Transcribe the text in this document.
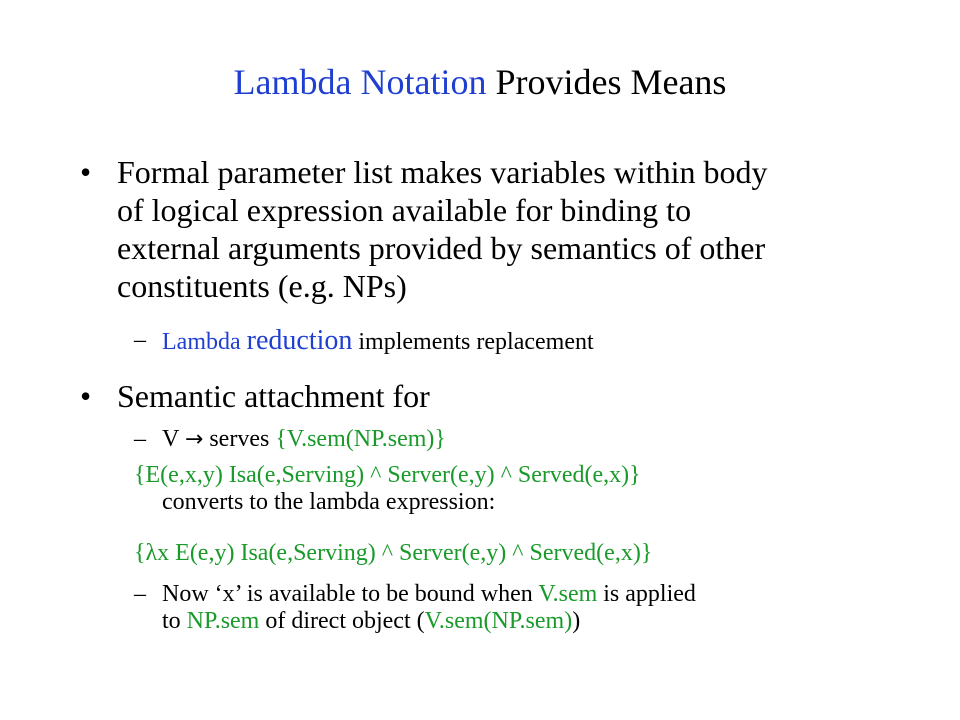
Lambda Notation Provides Means
• Formal parameter list makes variables within body
of logical expression available for binding to
external arguments provided by semantics of other
constituents (e.g. NPs)
– Lambda reduction implements replacement
• Semantic attachment for
– V → serves {V.sem(NP.sem)}
{E(e,x,y) Isa(e,Serving) ^ Server(e,y) ^ Served(e,x)}
converts to the lambda expression:
{λx E(e,y) Isa(e,Serving) ^ Server(e,y) ^ Served(e,x)}
– Now ‘x’ is available to be bound when V.sem is applied
to NP.sem of direct object (V.sem(NP.sem))
